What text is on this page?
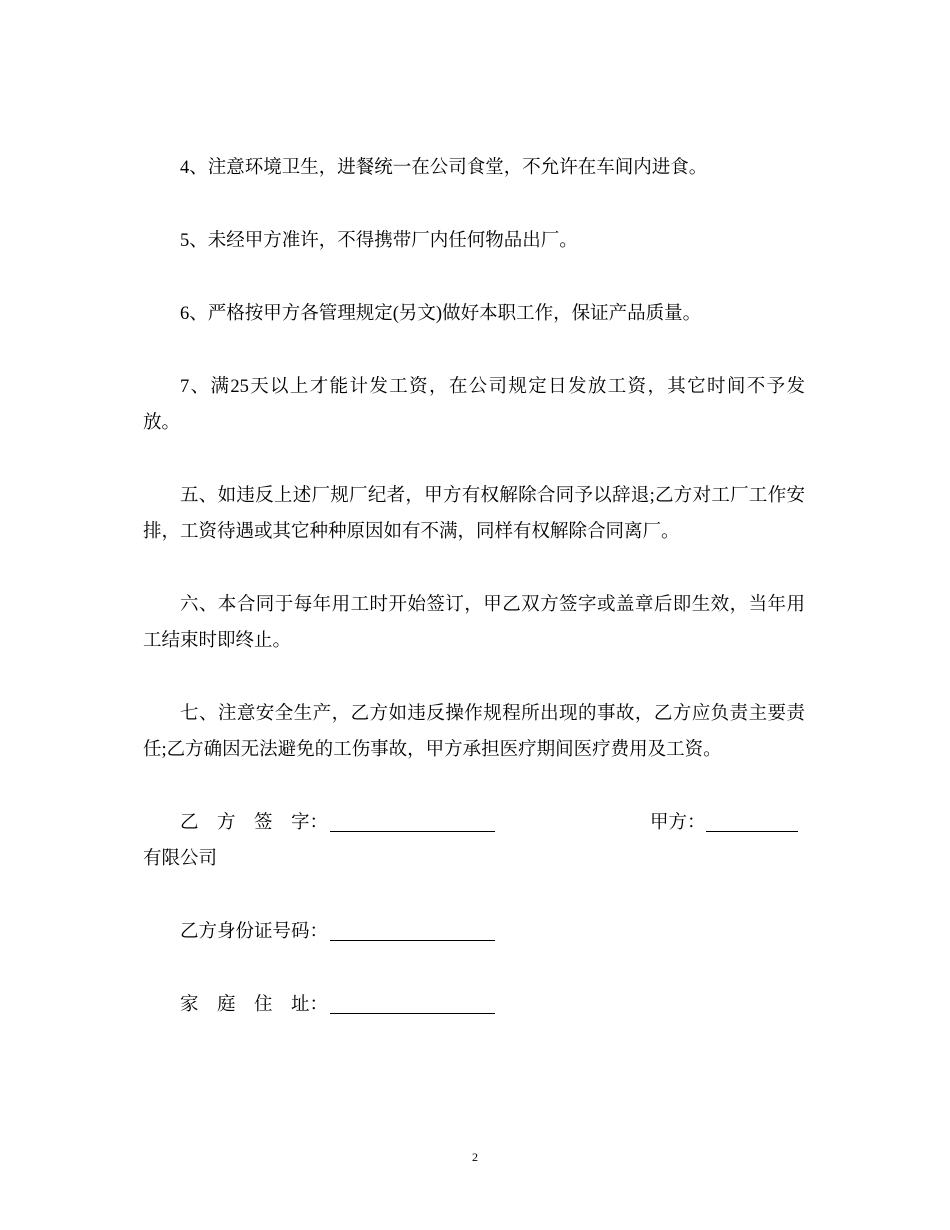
4、注意环境卫生，进餐统一在公司食堂，不允许在车间内进食。
5、未经甲方准许，不得携带厂内任何物品出厂。
6、严格按甲方各管理规定(另文)做好本职工作，保证产品质量。
7、满25天以上才能计发工资，在公司规定日发放工资，其它时间不予发
放。
五、如违反上述厂规厂纪者，甲方有权解除合同予以辞退;乙方对工厂工作安
排，工资待遇或其它种种原因如有不满，同样有权解除合同离厂。
六、本合同于每年用工时开始签订，甲乙双方签字或盖章后即生效，当年用
工结束时即终止。
七、注意安全生产，乙方如违反操作规程所出现的事故，乙方应负责主要责
任;乙方确因无法避免的工伤事故，甲方承担医疗期间医疗费用及工资。
乙　方　签　字：	甲方：
有限公司
乙方身份证号码：
家　庭　住　址：
2
